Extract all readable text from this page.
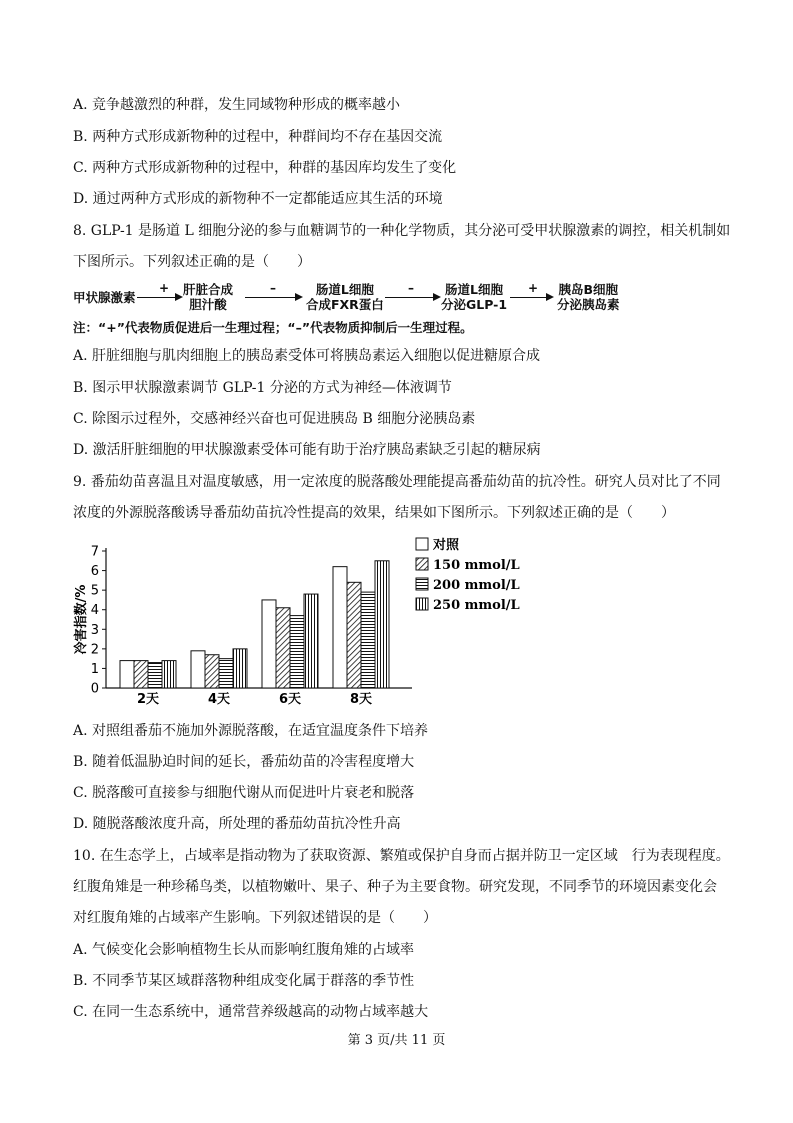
A. 竞争越激烈的种群，发生同域物种形成的概率越小
B. 两种方式形成新物种的过程中，种群间均不存在基因交流
C. 两种方式形成新物种的过程中，种群的基因库均发生了变化
D. 通过两种方式形成的新物种不一定都能适应其生活的环境
8. GLP-1 是肠道 L 细胞分泌的参与血糖调节的一种化学物质，其分泌可受甲状腺激素的调控，相关机制如
下图所示。下列叙述正确的是（　　）
甲状腺激素
+ 肝脏合成
胆汁酸
–	肠道L细胞
合成FXR蛋白
–	肠道L细胞
分泌GLP-1
+ 胰岛B细胞
分泌胰岛素
注：“+”代表物质促进后一生理过程；“–”代表物质抑制后一生理过程。
A. 肝脏细胞与肌肉细胞上的胰岛素受体可将胰岛素运入细胞以促进糖原合成
B. 图示甲状腺激素调节 GLP-1 分泌的方式为神经—体液调节
C. 除图示过程外，交感神经兴奋也可促进胰岛 B 细胞分泌胰岛素
D. 激活肝脏细胞的甲状腺激素受体可能有助于治疗胰岛素缺乏引起的糖尿病
9. 番茄幼苗喜温且对温度敏感，用一定浓度的脱落酸处理能提高番茄幼苗的抗冷性。研究人员对比了不同
浓度的外源脱落酸诱导番茄幼苗抗冷性提高的效果，结果如下图所示。下列叙述正确的是（　　）
0
1
2
3
4
5
6
7
冷害指数/%
2天	4天	6天	8天
对照
150 mmol/L
200 mmol/L
250 mmol/L
A. 对照组番茄不施加外源脱落酸，在适宜温度条件下培养
B. 随着低温胁迫时间的延长，番茄幼苗的冷害程度增大
C. 脱落酸可直接参与细胞代谢从而促进叶片衰老和脱落
D. 随脱落酸浓度升高，所处理的番茄幼苗抗冷性升高
10. 在生态学上，占域率是指动物为了获取资源、繁殖或保护自身而占据并防卫一定区域　行为表现程度。
红腹角雉是一种珍稀鸟类，以植物嫩叶、果子、种子为主要食物。研究发现，不同季节的环境因素变化会
对红腹角雉的占域率产生影响。下列叙述错误的是（　　）
A. 气候变化会影响植物生长从而影响红腹角雉的占域率
B. 不同季节某区域群落物种组成变化属于群落的季节性
C. 在同一生态系统中，通常营养级越高的动物占域率越大
第 3 页/共 11 页
